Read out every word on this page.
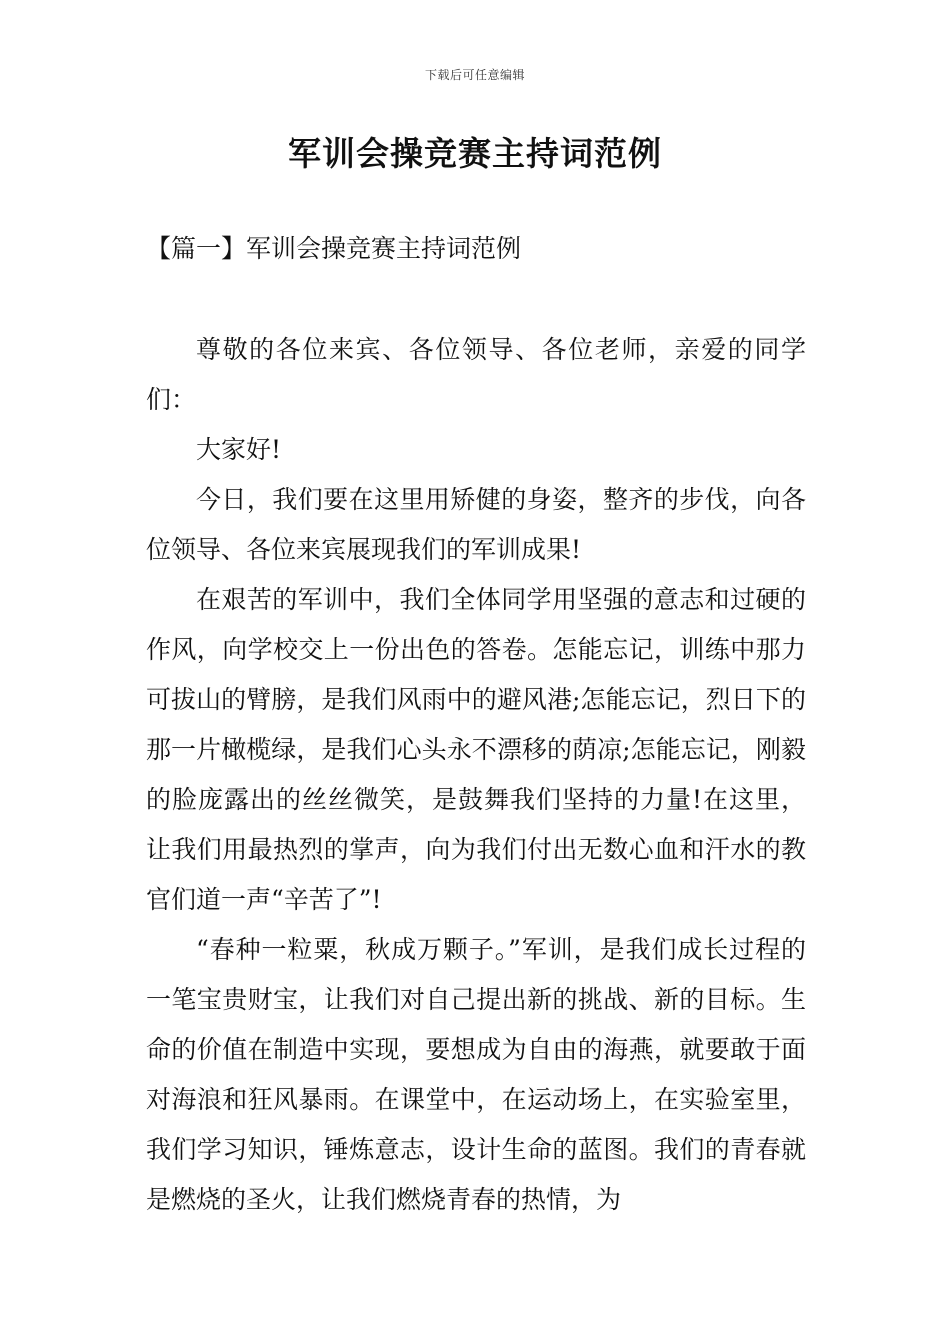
下载后可任意编辑
军训会操竞赛主持词范例
【篇一】军训会操竞赛主持词范例

尊敬的各位来宾、各位领导、各位老师，亲爱的同学们：

大家好!

今日，我们要在这里用矫健的身姿，整齐的步伐，向各位领导、各位来宾展现我们的军训成果!

在艰苦的军训中，我们全体同学用坚强的意志和过硬的作风，向学校交上一份出色的答卷。怎能忘记，训练中那力可拔山的臂膀，是我们风雨中的避风港;怎能忘记，烈日下的那一片橄榄绿，是我们心头永不漂移的荫凉;怎能忘记，刚毅的脸庞露出的丝丝微笑，是鼓舞我们坚持的力量!在这里，让我们用最热烈的掌声，向为我们付出无数心血和汗水的教官们道一声“辛苦了”!

“春种一粒粟，秋成万颗子。”军训，是我们成长过程的一笔宝贵财宝，让我们对自己提出新的挑战、新的目标。生命的价值在制造中实现，要想成为自由的海燕，就要敢于面对海浪和狂风暴雨。在课堂中，在运动场上，在实验室里，我们学习知识，锤炼意志，设计生命的蓝图。我们的青春就是燃烧的圣火，让我们燃烧青春的热情，为
